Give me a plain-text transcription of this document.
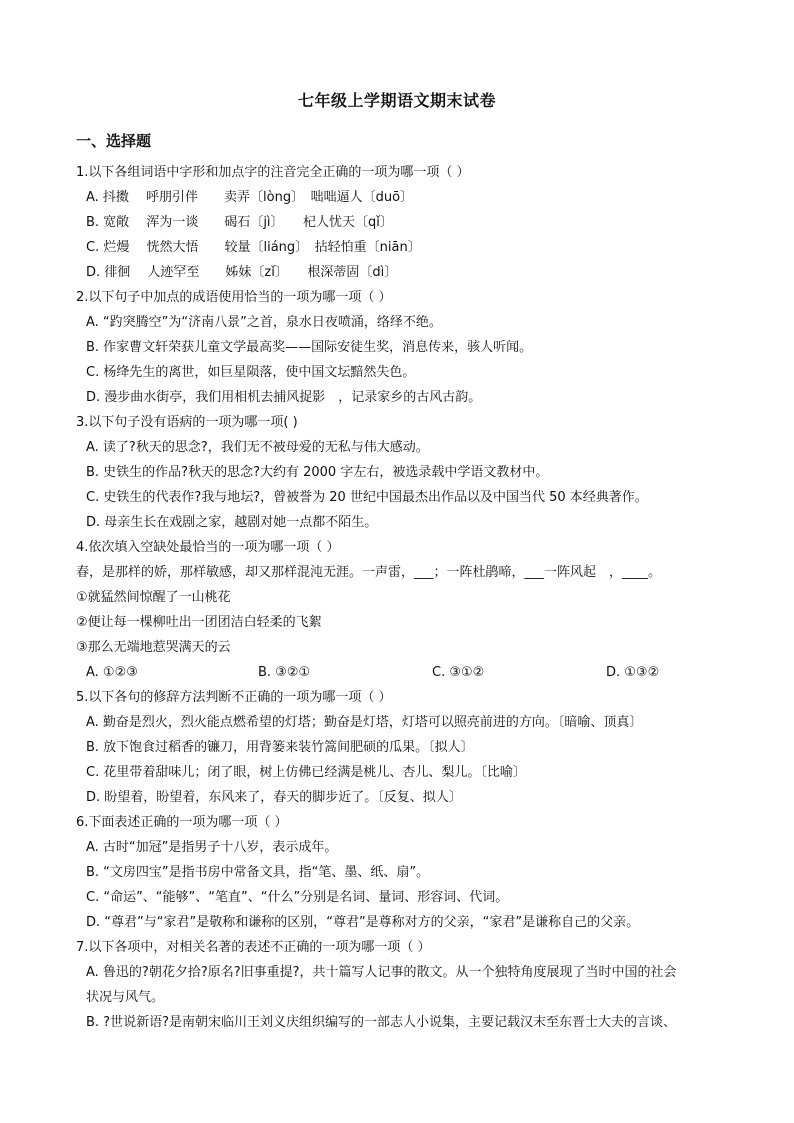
七年级上学期语文期末试卷
一、选择题
1.以下各组词语中字形和加点字的注音完全正确的一项为哪一项（ ）
A. 抖擞　 呼朋引伴　　卖弄〔lòng〕　咄咄逼人〔duō〕
B. 宽敞　 浑为一谈　　碣石〔jì〕　　杞人忧天〔qǐ〕
C. 烂熳　 恍然大悟　　较量〔liáng〕　拈轻怕重〔niān〕
D. 徘徊　 人迹罕至　　姊妹〔zǐ〕　　根深蒂固〔dì〕
2.以下句子中加点的成语使用恰当的一项为哪一项（ ）
A. “趵突腾空”为“济南八景”之首，泉水日夜喷涌，络绎不绝。
B. 作家曹文轩荣获儿童文学最高奖——国际安徒生奖，消息传来，骇人听闻。
C. 杨绛先生的离世，如巨星陨落，使中国文坛黯然失色。
D. 漫步曲水街亭，我们用相机去捕风捉影　，记录家乡的古风古韵。
3.以下句子没有语病的一项为哪一项( )
A. 读了?秋天的思念?，我们无不被母爱的无私与伟大感动。
B. 史铁生的作品?秋天的思念?大约有 2000 字左右，被选录载中学语文教材中。
C. 史铁生的代表作?我与地坛?，曾被誉为 20 世纪中国最杰出作品以及中国当代 50 本经典著作。
D. 母亲生长在戏剧之家，越剧对她一点都不陌生。
4.依次填入空缺处最恰当的一项为哪一项（ ）
春，是那样的娇，那样敏感，却又那样混沌无涯。一声雷，___；一阵杜鹃啼，___一阵风起　，____。
①就猛然间惊醒了一山桃花
②便让每一棵柳吐出一团团洁白轻柔的飞絮
③那么无端地惹哭满天的云
A. ①②③	B. ③②①	C. ③①②	D. ①③②
5.以下各句的修辞方法判断不正确的一项为哪一项（ ）
A. 勤奋是烈火，烈火能点燃希望的灯塔；勤奋是灯塔，灯塔可以照亮前进的方向。〔暗喻、顶真〕
B. 放下饱食过稻香的镰刀，用背篓来装竹篙间肥硕的瓜果。〔拟人〕
C. 花里带着甜味儿；闭了眼，树上仿佛已经满是桃儿、杏儿、梨儿。〔比喻〕
D. 盼望着，盼望着，东风来了，春天的脚步近了。〔反复、拟人〕
6.下面表述正确的一项为哪一项（ ）
A. 古时“加冠”是指男子十八岁，表示成年。
B. “文房四宝”是指书房中常备文具，指“笔、墨、纸、扇”。
C. “命运”、“能够”、“笔直”、“什么”分别是名词、量词、形容词、代词。
D. “尊君”与“家君”是敬称和谦称的区别，“尊君”是尊称对方的父亲，“家君”是谦称自己的父亲。
7.以下各项中，对相关名著的表述不正确的一项为哪一项（ ）
A. 鲁迅的?朝花夕拾?原名?旧事重提?，共十篇写人记事的散文。从一个独特角度展现了当时中国的社会
状况与风气。
B. ?世说新语?是南朝宋临川王刘义庆组织编写的一部志人小说集，主要记载汉末至东晋士大夫的言谈、
